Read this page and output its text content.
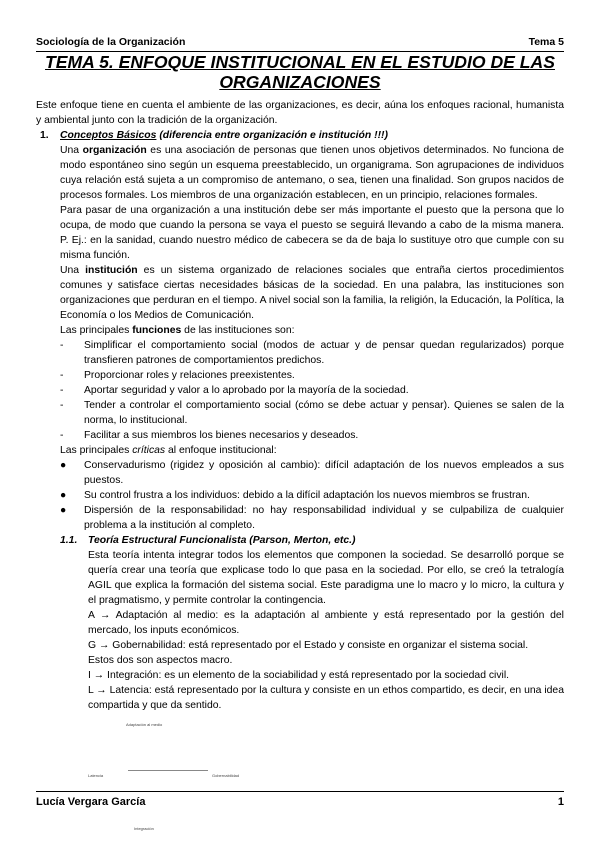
Sociología de la Organización	Tema 5
TEMA 5. ENFOQUE INSTITUCIONAL EN EL ESTUDIO DE LAS ORGANIZACIONES

Este enfoque tiene en cuenta el ambiente de las organizaciones, es decir, aúna los enfoques racional, humanista y ambiental junto con la tradición de la organización.

1. Conceptos Básicos (diferencia entre organización e institución !!!)

Una organización es una asociación de personas que tienen unos objetivos determinados. No funciona de modo espontáneo sino según un esquema preestablecido, un organigrama. Son agrupaciones de individuos cuya relación está sujeta a un compromiso de antemano, o sea, tienen una finalidad. Son grupos nacidos de procesos formales. Los miembros de una organización establecen, en un principio, relaciones formales.

Para pasar de una organización a una institución debe ser más importante el puesto que la persona que lo ocupa, de modo que cuando la persona se vaya el puesto se seguirá llevando a cabo de la misma manera. P. Ej.: en la sanidad, cuando nuestro médico de cabecera se da de baja lo sustituye otro que cumple con su misma función.

Una institución es un sistema organizado de relaciones sociales que entraña ciertos procedimientos comunes y satisface ciertas necesidades básicas de la sociedad. En una palabra, las instituciones son organizaciones que perduran en el tiempo. A nivel social son la familia, la religión, la Educación, la Política, la Economía o los Medios de Comunicación.

Las principales funciones de las instituciones son:

- Simplificar el comportamiento social (modos de actuar y de pensar quedan regularizados) porque transfieren patrones de comportamientos predichos.

- Proporcionar roles y relaciones preexistentes.

- Aportar seguridad y valor a lo aprobado por la mayoría de la sociedad.

- Tender a controlar el comportamiento social (cómo se debe actuar y pensar). Quienes se salen de la norma, lo institucional.

- Facilitar a sus miembros los bienes necesarios y deseados.

Las principales críticas al enfoque institucional:

● Conservadurismo (rigidez y oposición al cambio): difícil adaptación de los nuevos empleados a sus puestos.

● Su control frustra a los individuos: debido a la difícil adaptación los nuevos miembros se frustran.

● Dispersión de la responsabilidad: no hay responsabilidad individual y se culpabiliza de cualquier problema a la institución al completo.

1.1. Teoría Estructural Funcionalista (Parson, Merton, etc.)

Esta teoría intenta integrar todos los elementos que componen la sociedad. Se desarrolló porque se quería crear una teoría que explicase todo lo que pasa en la sociedad. Por ello, se creó la tetralogía AGIL que explica la formación del sistema social. Este paradigma une lo macro y lo micro, la cultura y el pragmatismo, y permite controlar la contingencia.

A → Adaptación al medio: es la adaptación al ambiente y está representado por la gestión del mercado, los inputs económicos.

G → Gobernabilidad: está representado por el Estado y consiste en organizar el sistema social.

Estos dos son aspectos macro.

I → Integración: es un elemento de la sociabilidad y está representado por la sociedad civil.

L → Latencia: está representado por la cultura y consiste en un ethos compartido, es decir, en una idea compartida y que da sentido.

Adaptación al medio
Latencia	Gobernabilidad
Integración
Lucía Vergara García	1
